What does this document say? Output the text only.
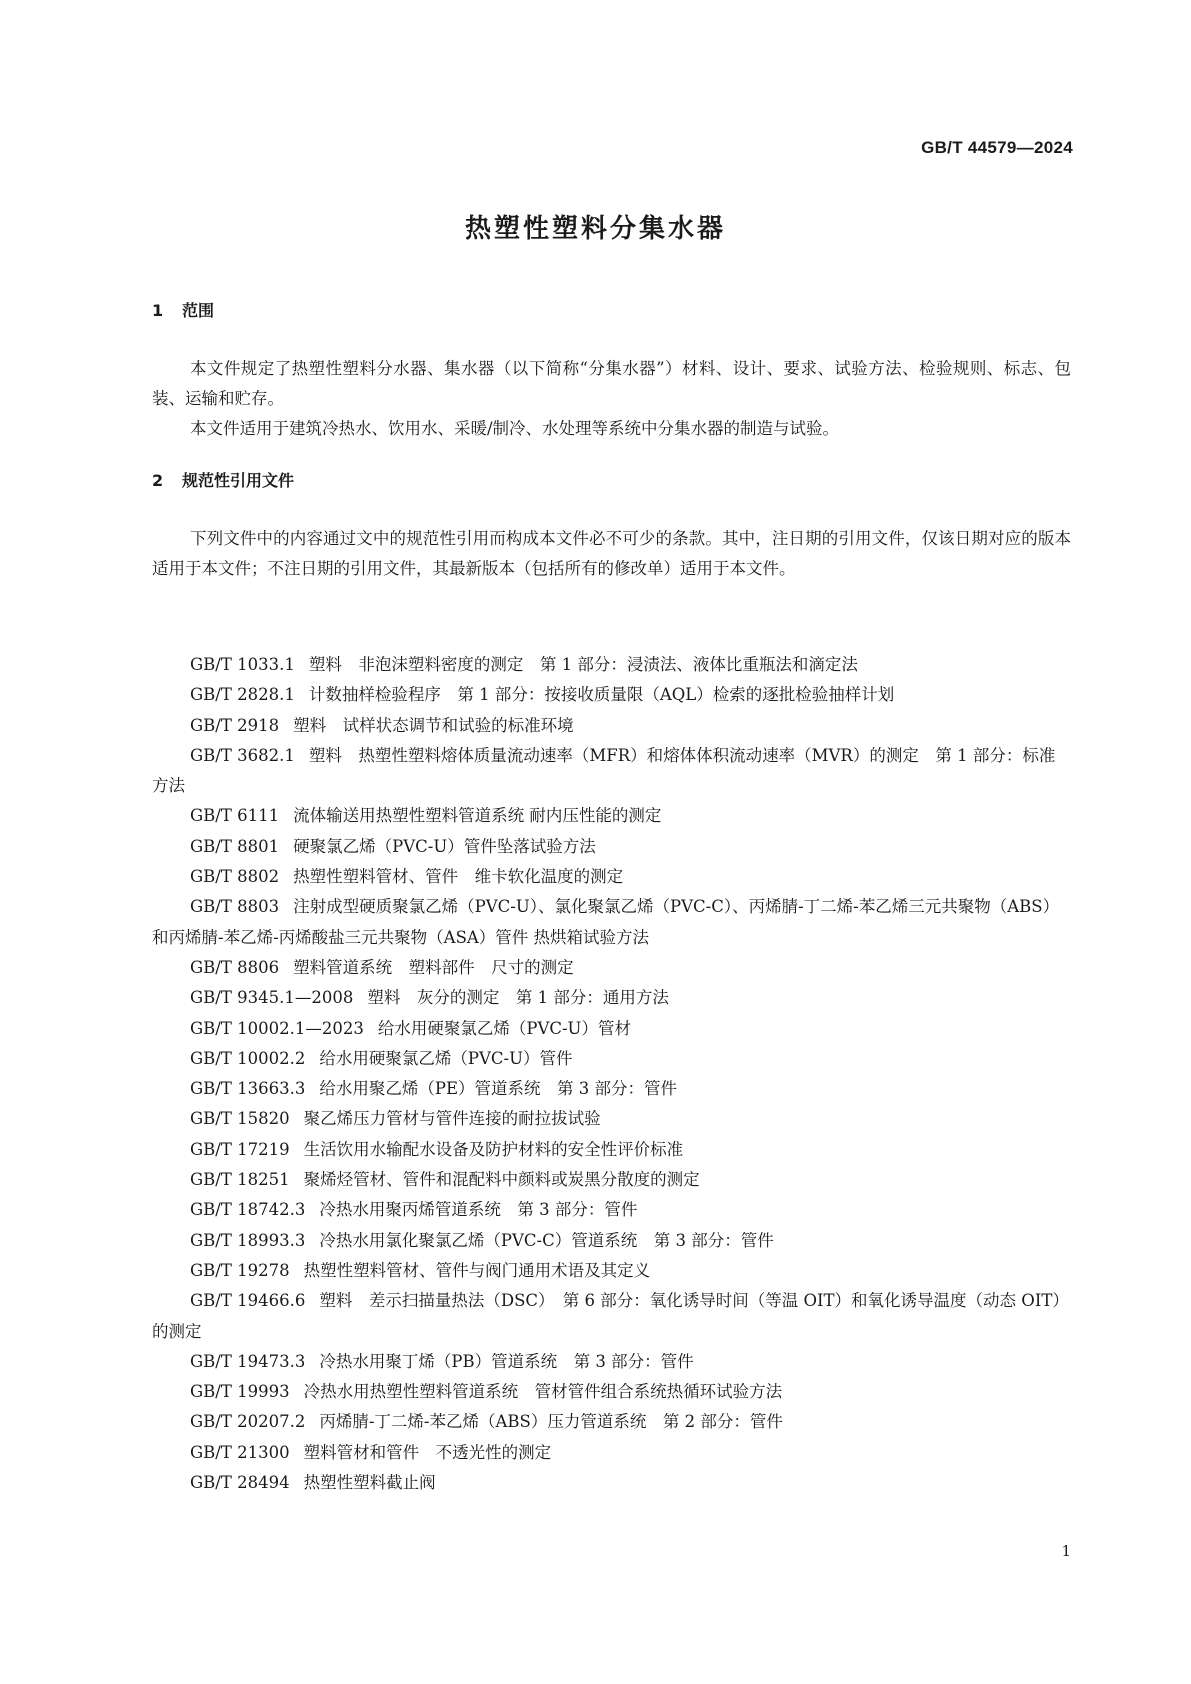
GB/T 44579—2024
热塑性塑料分集水器
1 范围

本文件规定了热塑性塑料分水器、集水器（以下简称“分集水器”）材料、设计、要求、试验方法、检验规则、标志、包装、运输和贮存。

本文件适用于建筑冷热水、饮用水、采暖/制冷、水处理等系统中分集水器的制造与试验。

2 规范性引用文件

下列文件中的内容通过文中的规范性引用而构成本文件必不可少的条款。其中，注日期的引用文件，仅该日期对应的版本适用于本文件；不注日期的引用文件，其最新版本（包括所有的修改单）适用于本文件。

GB/T 1033.1 塑料　非泡沫塑料密度的测定　第 1 部分：浸渍法、液体比重瓶法和滴定法
GB/T 2828.1 计数抽样检验程序　第 1 部分：按接收质量限（AQL）检索的逐批检验抽样计划
GB/T 2918 塑料　试样状态调节和试验的标准环境
GB/T 3682.1 塑料　热塑性塑料熔体质量流动速率（MFR）和熔体体积流动速率（MVR）的测定　第 1 部分：标准方法
GB/T 6111 流体输送用热塑性塑料管道系统 耐内压性能的测定
GB/T 8801 硬聚氯乙烯（PVC-U）管件坠落试验方法
GB/T 8802 热塑性塑料管材、管件　维卡软化温度的测定
GB/T 8803 注射成型硬质聚氯乙烯（PVC-U）、氯化聚氯乙烯（PVC-C）、丙烯腈-丁二烯-苯乙烯三元共聚物（ABS）和丙烯腈-苯乙烯-丙烯酸盐三元共聚物（ASA）管件 热烘箱试验方法
GB/T 8806 塑料管道系统　塑料部件　尺寸的测定
GB/T 9345.1—2008 塑料　灰分的测定　第 1 部分：通用方法
GB/T 10002.1—2023 给水用硬聚氯乙烯（PVC-U）管材
GB/T 10002.2 给水用硬聚氯乙烯（PVC-U）管件
GB/T 13663.3 给水用聚乙烯（PE）管道系统　第 3 部分：管件
GB/T 15820 聚乙烯压力管材与管件连接的耐拉拔试验
GB/T 17219 生活饮用水输配水设备及防护材料的安全性评价标准
GB/T 18251 聚烯烃管材、管件和混配料中颜料或炭黑分散度的测定
GB/T 18742.3 冷热水用聚丙烯管道系统　第 3 部分：管件
GB/T 18993.3 冷热水用氯化聚氯乙烯（PVC-C）管道系统　第 3 部分：管件
GB/T 19278 热塑性塑料管材、管件与阀门通用术语及其定义
GB/T 19466.6 塑料　差示扫描量热法（DSC）　第 6 部分：氧化诱导时间（等温 OIT）和氧化诱导温度（动态 OIT）的测定
GB/T 19473.3 冷热水用聚丁烯（PB）管道系统　第 3 部分：管件
GB/T 19993 冷热水用热塑性塑料管道系统　管材管件组合系统热循环试验方法
GB/T 20207.2 丙烯腈-丁二烯-苯乙烯（ABS）压力管道系统　第 2 部分：管件
GB/T 21300 塑料管材和管件　不透光性的测定
GB/T 28494 热塑性塑料截止阀
1
